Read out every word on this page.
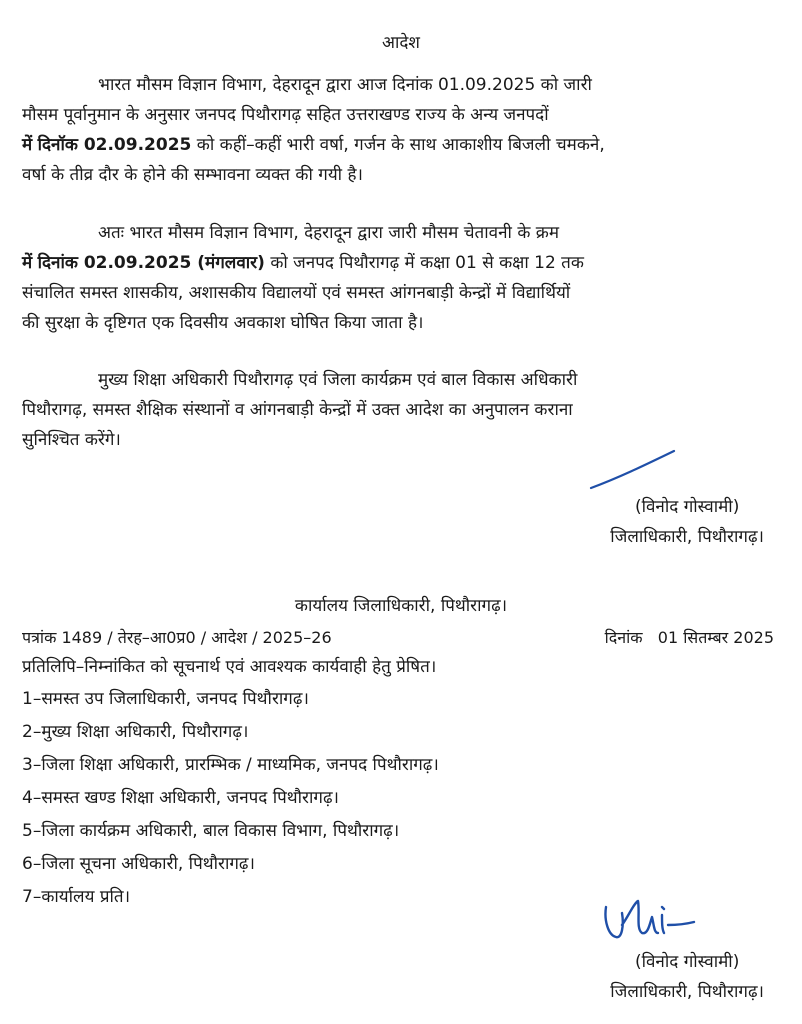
आदेश
भारत मौसम विज्ञान विभाग, देहरादून द्वारा आज दिनांक 01.09.2025 को जारी
मौसम पूर्वानुमान के अनुसार जनपद पिथौरागढ़ सहित उत्तराखण्ड राज्य के अन्य जनपदों
में दिनॉक 02.09.2025 को कहीं–कहीं भारी वर्षा, गर्जन के साथ आकाशीय बिजली चमकने,
वर्षा के तीव्र दौर के होने की सम्भावना व्यक्त की गयी है।
अतः भारत मौसम विज्ञान विभाग, देहरादून द्वारा जारी मौसम चेतावनी के क्रम
में दिनांक 02.09.2025 (मंगलवार) को जनपद पिथौरागढ़ में कक्षा 01 से कक्षा 12 तक
संचालित समस्त शासकीय, अशासकीय विद्यालयों एवं समस्त आंगनबाड़ी केन्द्रों में विद्यार्थियों
की सुरक्षा के दृष्टिगत एक दिवसीय अवकाश घोषित किया जाता है।
मुख्य शिक्षा अधिकारी पिथौरागढ़ एवं जिला कार्यक्रम एवं बाल विकास अधिकारी
पिथौरागढ़, समस्त शैक्षिक संस्थानों व आंगनबाड़ी केन्द्रों में उक्त आदेश का अनुपालन कराना
सुनिश्चित करेंगे।
(विनोद गोस्वामी)
जिलाधिकारी, पिथौरागढ़।
कार्यालय जिलाधिकारी, पिथौरागढ़।
पत्रांक 1489 / तेरह–आ0प्र0 / आदेश / 2025–26	दिनांक   01 सितम्बर 2025
प्रतिलिपि–निम्नांकित को सूचनार्थ एवं आवश्यक कार्यवाही हेतु प्रेषित।
1–समस्त उप जिलाधिकारी, जनपद पिथौरागढ़।
2–मुख्य शिक्षा अधिकारी, पिथौरागढ़।
3–जिला शिक्षा अधिकारी, प्रारम्भिक / माध्यमिक, जनपद पिथौरागढ़।
4–समस्त खण्ड शिक्षा अधिकारी, जनपद पिथौरागढ़।
5–जिला कार्यक्रम अधिकारी, बाल विकास विभाग, पिथौरागढ़।
6–जिला सूचना अधिकारी, पिथौरागढ़।
7–कार्यालय प्रति।
(विनोद गोस्वामी)
जिलाधिकारी, पिथौरागढ़।
